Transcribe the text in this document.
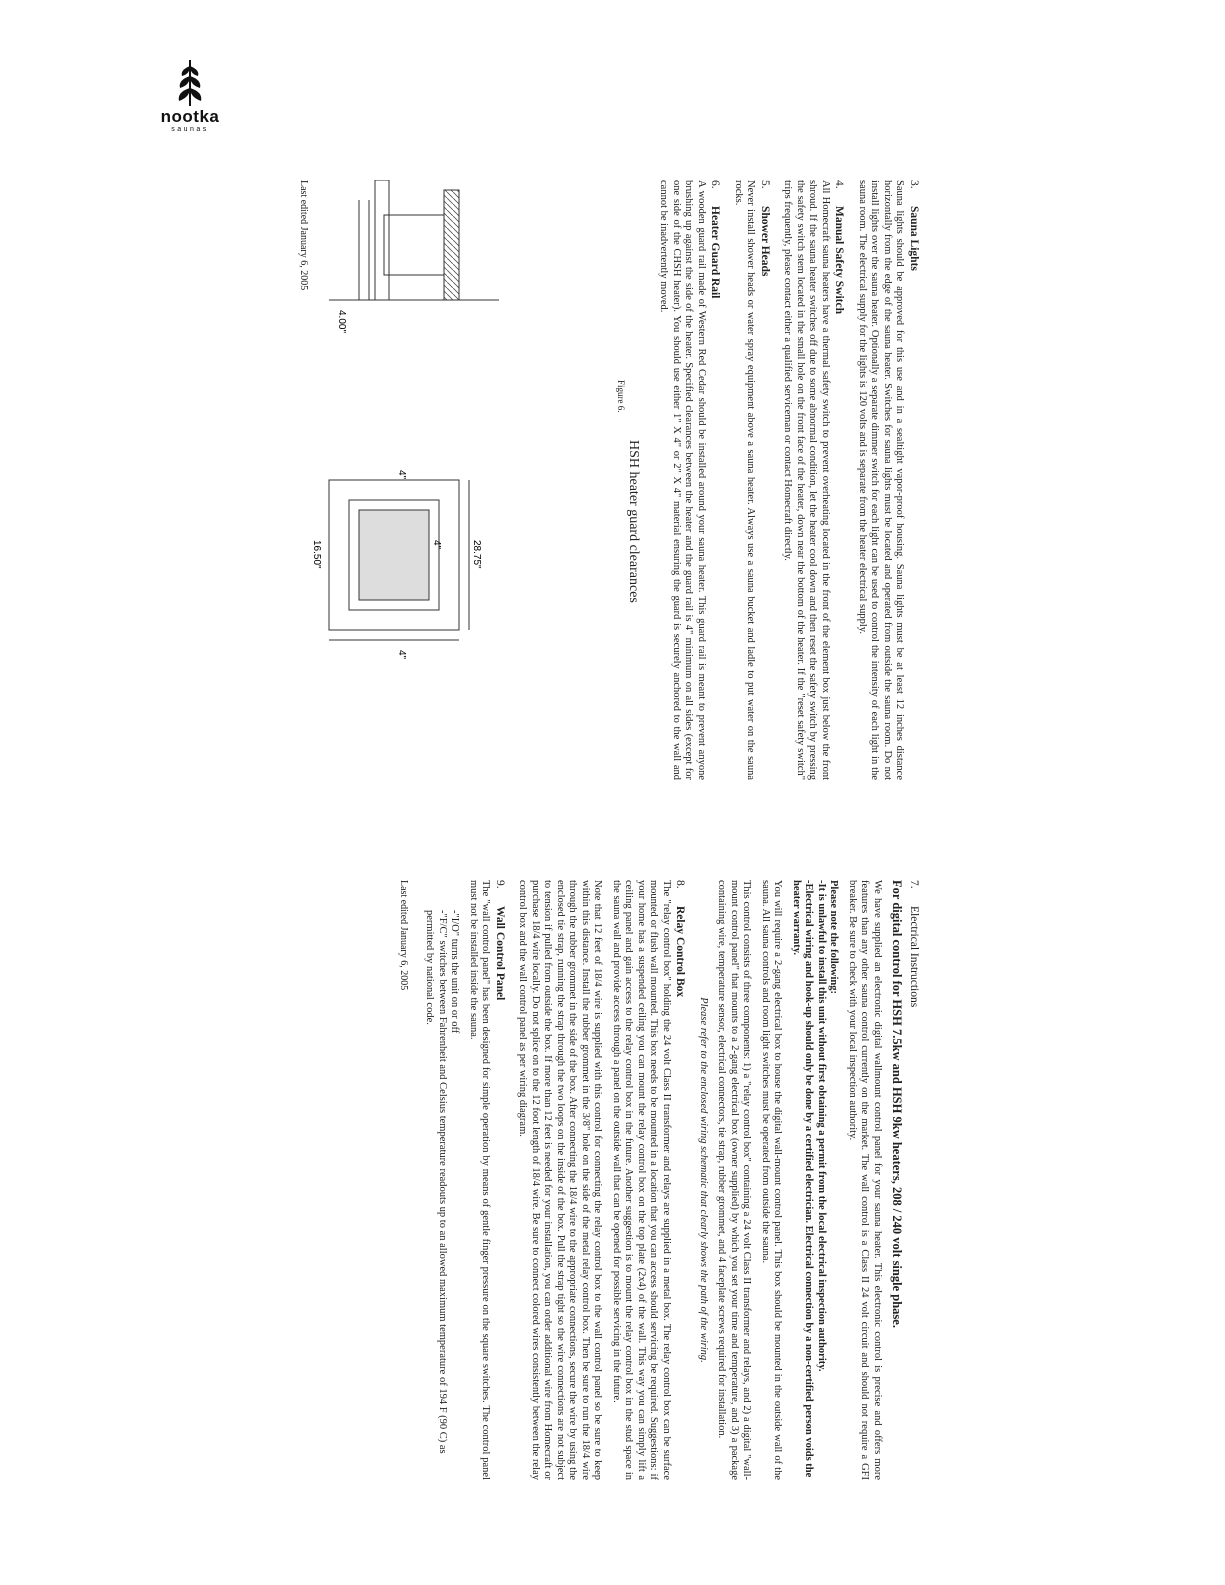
nootka
saunas
3.Sauna Lights

Sauna lights should be approved for this use and in a sealtight vapor-proof housing. Sauna lights must be at least 12 inches distance horizontally from the edge of the sauna heater. Switches for sauna lights must be located and operated from outside the sauna room. Do not install lights over the sauna heater. Optionally a separate dimmer switch for each light can be used to control the intensity of each light in the sauna room. The electrical supply for the lights is 120 volts and is separate from the heater electrical supply.

4.Manual Safety Switch

All Homecraft sauna heaters have a thermal safety switch to prevent overheating located in the front of the element box just below the front shroud. If the sauna heater switches off due to some abnormal condition, let the heater cool down and then reset the safety switch by pressing the safety switch stem located in the small hole on the front face of the heater, down near the bottom of the heater. If the "reset safety switch" trips frequently, please contact either a qualified serviceman or contact Homecraft directly.

5.Shower Heads

Never install shower heads or water spray equipment above a sauna heater. Always use a sauna bucket and ladle to put water on the sauna rocks.

6.Heater Guard Rail

A wooden guard rail made of Western Red Cedar should be installed around your sauna heater. This guard rail is meant to prevent anyone brushing up against the side of the heater. Specified clearances between the heater and the guard rail is 4" minimum on all sides (except for one side of the CHSH heater). You should use either 1" X 4" or 2" X 4" material ensuring the guard is securely anchored to the wall and cannot be inadvertently moved.

HSH heater guard clearances
Figure 6.
4.00"
28.75"
4"
4"
16.50"
4"
Last edited January 6, 2005
7.Electrical Instructions
For digital control for HSH 7.5kw and HSH 9kw heaters, 208 / 240 volt single phase.

We have supplied an electronic digital wallmount control panel for your sauna heater. This electronic control is precise and offers more features than any other sauna control currently on the market. The wall control is a Class II 24 volt circuit and should not require a GFI breaker. Be sure to check with your local inspection authority.

Please note the following:
-It is unlawful to install this unit without first obtaining a permit from the local electrical inspection authority.
-Electrical wiring and hook-up should only be done by a certified electrician. Electrical connection by a non-certified person voids the heater warranty.

You will require a 2-gang electrical box to house the digital wall-mount control panel. This box should be mounted in the outside wall of the sauna. All sauna controls and room light switches must be operated from outside the sauna.

This control consists of three components: 1) a "relay control box" containing a 24 volt Class II transformer and relays, and 2) a digital "wall-mount control panel" that mounts to a 2-gang electrical box (owner supplied) by which you set your time and temperature, and 3) a package containing wire, temperature sensor, electrical connectors, tie strap, rubber grommet, and 4 faceplate screws required for installation.

Please refer to the enclosed wiring schematic that clearly shows the path of the wiring.

8.Relay Control Box

The "relay control box" holding the 24 volt Class II transformer and relays are supplied in a metal box. The relay control box can be surface mounted or flush wall mounted. This box needs to be mounted in a location that you can access should servicing be required. Suggestions: if your home has a suspended ceiling you can mount the relay control box on the top plate (2x4) of the wall. This way you can simply lift a ceiling panel and gain access to the relay control box in the future. Another suggestion is to mount the relay control box in the stud space in the sauna wall and provide access through a panel on the outside wall that can be opened for possible servicing in the future.

Note that 12 feet of 18/4 wire is supplied with this control for connecting the relay control box to the wall control panel so be sure to keep within this distance. Install the rubber grommet in the 3/8" hole on the side of the metal relay control box. Then be sure to run the 18/4 wire through the rubber grommet in the side of the box. After connecting the 18/4 wire to the appropriate connections, secure the wire by using the enclosed tie strap, running the strap through the two loops on the inside of the box. Pull the strap tight so the wire connections are not subject to tension if pulled from outside the box. If more than 12 feet is needed for your installation, you can order additional wire from Homecraft or purchase 18/4 wire locally. Do not splice on to the 12 foot length of 18/4 wire. Be sure to connect colored wires consistently between the relay control box and the wall control panel as per wiring diagram.

9.Wall Control Panel

The "wall control panel" has been designed for simple operation by means of gentle finger pressure on the square switches. The control panel must not be installed inside the sauna.

-"I/O" turns the unit on or off
-"F/C" switches between Fahrenheit and Celsius temperature readouts up to an allowed maximum temperature of 194 F (90 C) as permitted by national code.
Last edited January 6, 2005
